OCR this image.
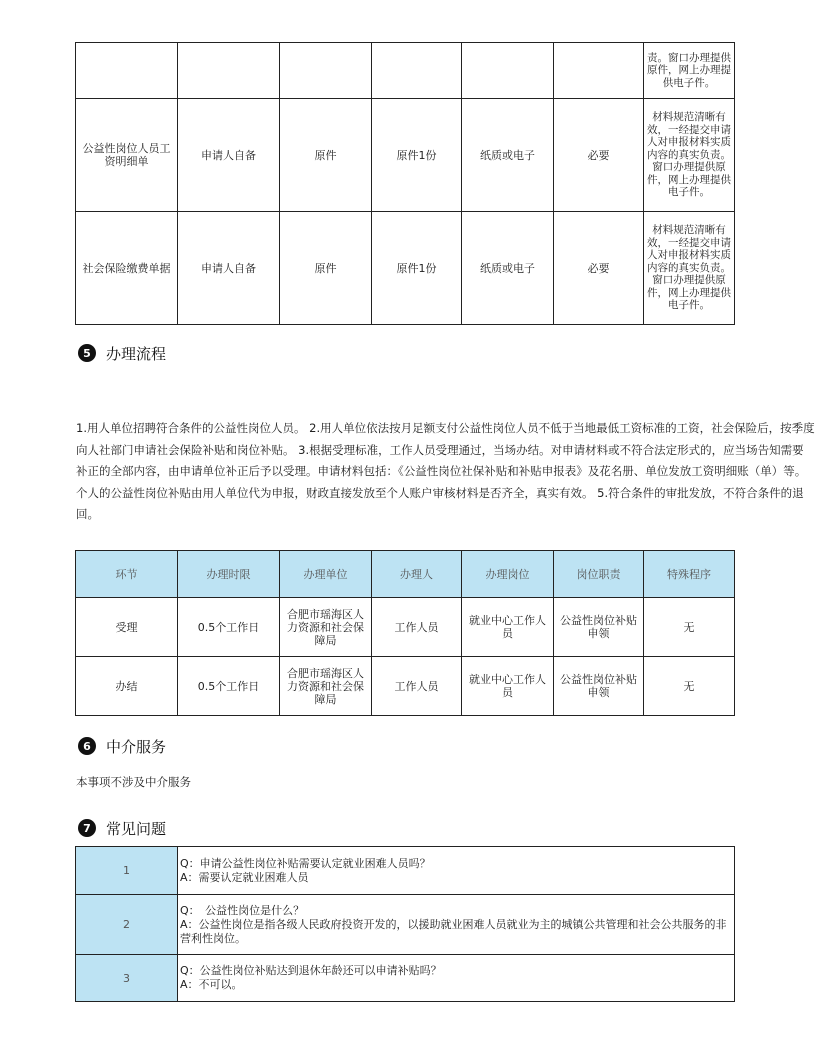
						责。窗口办理提供原件，网上办理提供电子件。
公益性岗位人员工资明细单	申请人自备	原件	原件1份	纸质或电子	必要	材料规范清晰有效，一经提交申请人对申报材料实质内容的真实负责。窗口办理提供原件，网上办理提供电子件。
社会保险缴费单据	申请人自备	原件	原件1份	纸质或电子	必要	材料规范清晰有效，一经提交申请人对申报材料实质内容的真实负责。窗口办理提供原件，网上办理提供电子件。
5	办理流程
1.用人单位招聘符合条件的公益性岗位人员。 2.用人单位依法按月足额支付公益性岗位人员不低于当地最低工资标准的工资，社会保险后，按季度向人社部门申请社会保险补贴和岗位补贴。 3.根据受理标准，工作人员受理通过，当场办结。对申请材料或不符合法定形式的，应当场告知需要补正的全部内容，由申请单位补正后予以受理。申请材料包括：《公益性岗位社保补贴和补贴申报表》及花名册、单位发放工资明细账（单）等。个人的公益性岗位补贴由用人单位代为申报，财政直接发放至个人账户审核材料是否齐全，真实有效。 5.符合条件的审批发放，不符合条件的退回。
环节	办理时限	办理单位	办理人	办理岗位	岗位职责	特殊程序
受理	0.5个工作日	合肥市瑶海区人力资源和社会保障局	工作人员	就业中心工作人员	公益性岗位补贴申领	无
办结	0.5个工作日	合肥市瑶海区人力资源和社会保障局	工作人员	就业中心工作人员	公益性岗位补贴申领	无
6	中介服务
本事项不涉及中介服务
7	常见问题
1	Q：申请公益性岗位补贴需要认定就业困难人员吗？
A：需要认定就业困难人员

2	Q：　公益性岗位是什么？
A：公益性岗位是指各级人民政府投资开发的，以援助就业困难人员就业为主的城镇公共管理和社会公共服务的非营利性岗位。

3	Q：公益性岗位补贴达到退休年龄还可以申请补贴吗？
A：不可以。
